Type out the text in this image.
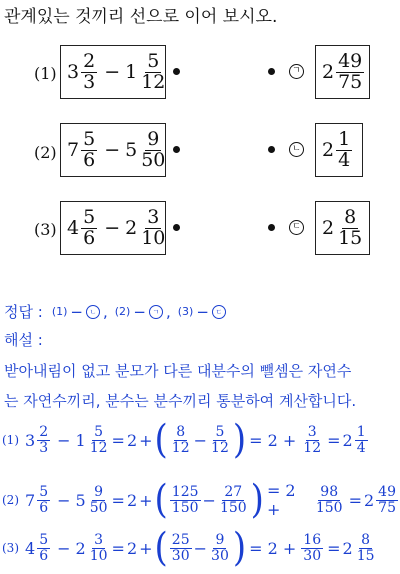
관계있는 것끼리 선으로 이어 보시오.
(1) $3 \frac{2}{3} - 1 \frac{5}{12}$
(2) $7 \frac{5}{6} - 5 \frac{9}{50}$
(3) $4 \frac{5}{6} - 2 \frac{3}{10}$
ㄱ $2 \frac{49}{75}$
ㄴ $2 \frac{1}{4}$
ㄷ $2 \frac{8}{15}$
정답 : (1) − ㄴ , (2) − ㄱ , (3) − ㄷ
해설 :
받아내림이 없고 분모가 다른 대분수의 뺄셈은 자연수
는 자연수끼리, 분수는 분수끼리 통분하여 계산합니다.
(1) $3 \frac{2}{3} - 1 \frac{5}{12} = 2$ + ( $\frac{8}{12} - \frac{5}{12}$ ) = $2 + \frac{3}{12} = 2 \frac{1}{4}$
(2) $7 \frac{5}{6} - 5 \frac{9}{50} = 2$ + ( $\frac{125}{150} - \frac{27}{150}$ ) = 2 +	$\frac{98}{150} = 2 \frac{49}{75}$
(3) $4 \frac{5}{6} - 2 \frac{3}{10} = 2$ + ( $\frac{25}{30} - \frac{9}{30}$ ) = $2 + \frac{16}{30} = 2 \frac{8}{15}$
